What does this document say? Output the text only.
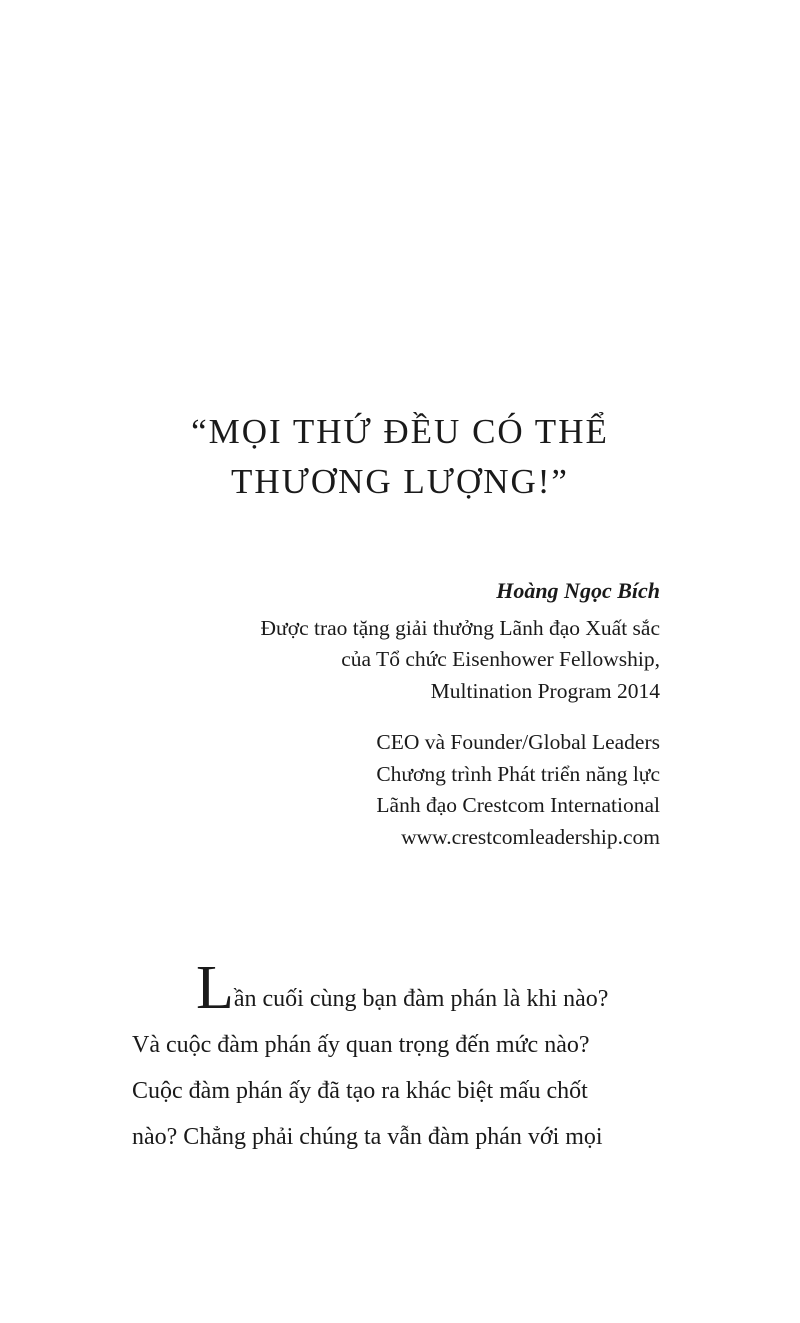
“MỌI THỨ ĐỀU CÓ THỂ
THƯƠNG LƯỢNG!”
Hoàng Ngọc Bích
Được trao tặng giải thưởng Lãnh đạo Xuất sắc
của Tổ chức Eisenhower Fellowship,
Multination Program 2014
CEO và Founder/Global Leaders
Chương trình Phát triển năng lực
Lãnh đạo Crestcom International
www.crestcomleadership.com
Lần cuối cùng bạn đàm phán là khi nào?
Và cuộc đàm phán ấy quan trọng đến mức nào?
Cuộc đàm phán ấy đã tạo ra khác biệt mấu chốt
nào? Chẳng phải chúng ta vẫn đàm phán với mọi
